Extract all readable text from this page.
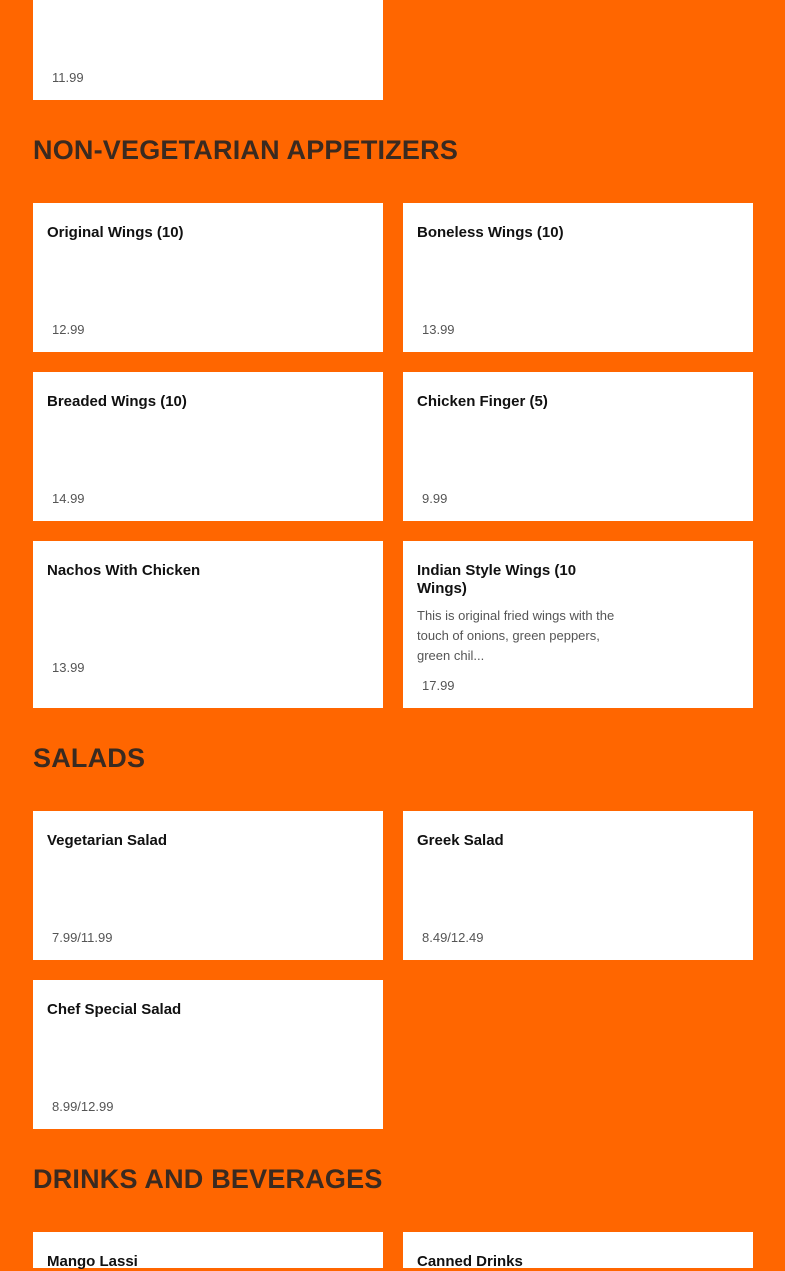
11.99
NON-VEGETARIAN APPETIZERS
Original Wings (10)
12.99
Boneless Wings (10)
13.99
Breaded Wings (10)
14.99
Chicken Finger (5)
9.99
Nachos With Chicken
13.99
Indian Style Wings (10 Wings)
This is original fried wings with the touch of onions, green peppers, green chil...
17.99
SALADS
Vegetarian Salad
7.99/11.99
Greek Salad
8.49/12.49
Chef Special Salad
8.99/12.99
DRINKS AND BEVERAGES
Mango Lassi	Canned Drinks
